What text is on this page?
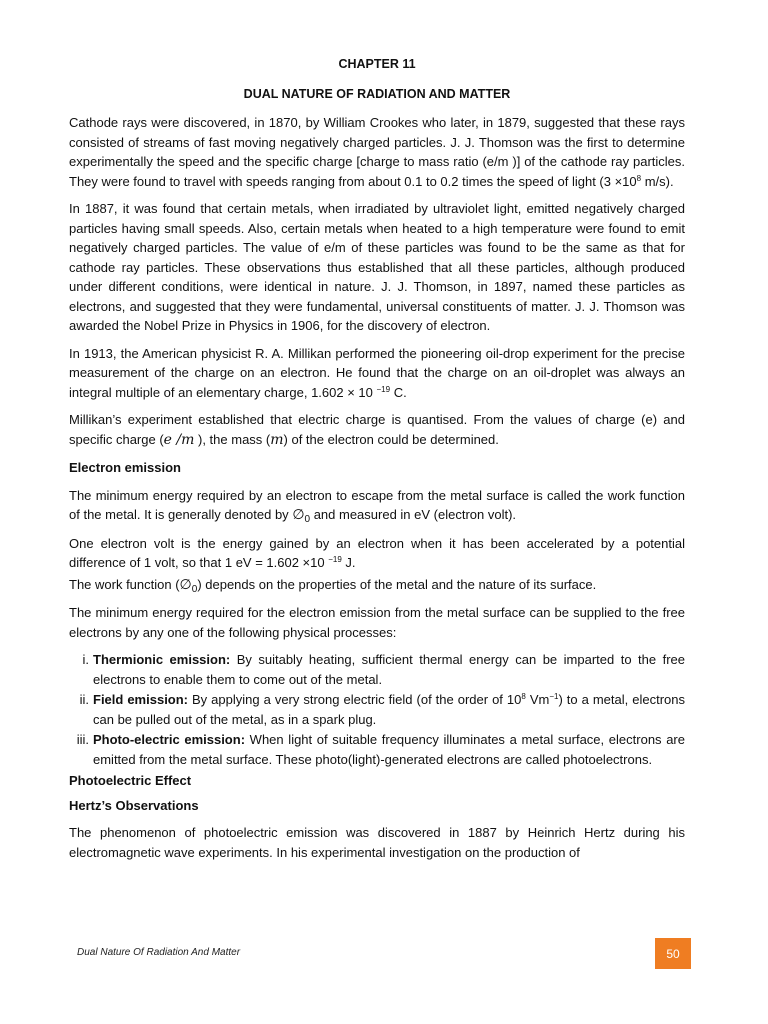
CHAPTER 11
DUAL NATURE OF RADIATION AND MATTER

Cathode rays were discovered, in 1870, by William Crookes who later, in 1879, suggested that these rays consisted of streams of fast moving negatively charged particles. J. J. Thomson was the first to determine experimentally the speed and the specific charge [charge to mass ratio (e/m )] of the cathode ray particles. They were found to travel with speeds ranging from about 0.1 to 0.2 times the speed of light ($3 \times 10^8$ m/s).

In 1887, it was found that certain metals, when irradiated by ultraviolet light, emitted negatively charged particles having small speeds. Also, certain metals when heated to a high temperature were found to emit negatively charged particles. The value of e/m of these particles was found to be the same as that for cathode ray particles. These observations thus established that all these particles, although produced under different conditions, were identical in nature. J. J. Thomson, in 1897, named these particles as electrons, and suggested that they were fundamental, universal constituents of matter. J. J. Thomson was awarded the Nobel Prize in Physics in 1906, for the discovery of electron.

In 1913, the American physicist R. A. Millikan performed the pioneering oil-drop experiment for the precise measurement of the charge on an electron. He found that the charge on an oil-droplet was always an integral multiple of an elementary charge, 1.602 × 10 $^{-19}$ C.

Millikan’s experiment established that electric charge is quantised. From the values of charge (e) and specific charge (e /m ), the mass (m) of the electron could be determined.

Electron emission

The minimum energy required by an electron to escape from the metal surface is called the work function of the metal. It is generally denoted by $\emptyset_0$ and measured in eV (electron volt).

One electron volt is the energy gained by an electron when it has been accelerated by a potential difference of 1 volt, so that 1 eV = 1.602 ×10 $^{-19}$ J.

The work function $(\emptyset_0)$ depends on the properties of the metal and the nature of its surface.

The minimum energy required for the electron emission from the metal surface can be supplied to the free electrons by any one of the following physical processes:

i. Thermionic emission: By suitably heating, sufficient thermal energy can be imparted to the free electrons to enable them to come out of the metal.
ii. Field emission: By applying a very strong electric field (of the order of $10^8$ $Vm^{-1}$) to a metal, electrons can be pulled out of the metal, as in a spark plug.
iii. Photo-electric emission: When light of suitable frequency illuminates a metal surface, electrons are emitted from the metal surface. These photo(light)-generated electrons are called photoelectrons.
Photoelectric Effect
Hertz’s Observations

The phenomenon of photoelectric emission was discovered in 1887 by Heinrich Hertz during his electromagnetic wave experiments. In his experimental investigation on the production of

Dual Nature Of Radiation And Matter	50
